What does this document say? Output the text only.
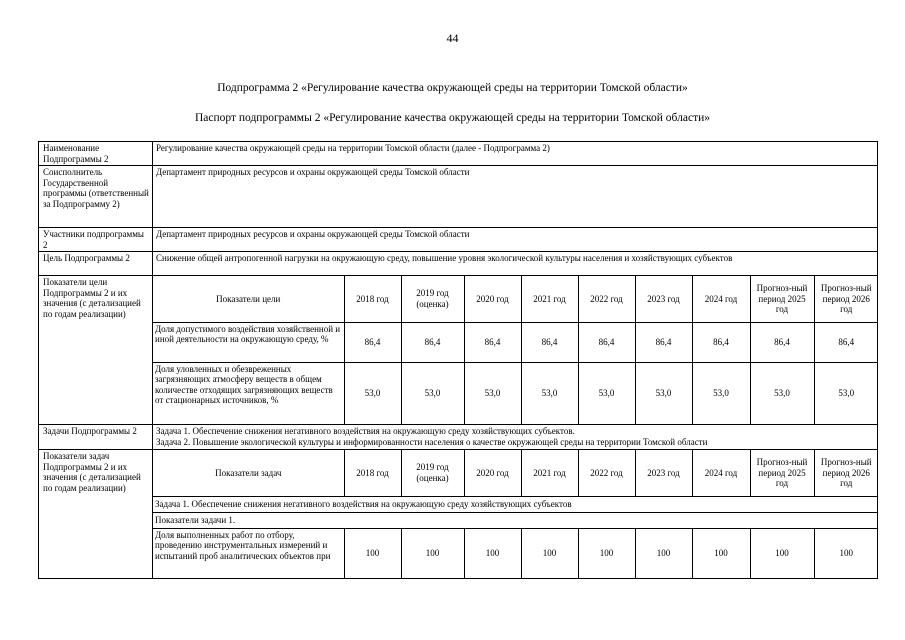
44
Подпрограмма 2 «Регулирование качества окружающей среды на территории Томской области»
Паспорт подпрограммы 2 «Регулирование качества окружающей среды на территории Томской области»
Наименование Подпрограммы 2	Регулирование качества окружающей среды на территории Томской области (далее - Подпрограмма 2)
Соисполнитель Государственной программы (ответственный за Подпрограмму 2)	Департамент природных ресурсов и охраны окружающей среды Томской области
Участники подпрограммы 2	Департамент природных ресурсов и охраны окружающей среды Томской области
Цель Подпрограммы 2	Снижение общей антропогенной нагрузки на окружающую среду, повышение уровня экологической культуры населения и хозяйствующих субъектов
Показатели цели Подпрограммы 2 и их значения (с детализацией по годам реализации)	
Показатели цели	2018 год	2019 год (оценка)	2020 год	2021 год	2022 год	2023 год	2024 год	Прогноз-ный период 2025 год	Прогноз-ный период 2026 год
Доля допустимого воздействия хозяйственной и иной деятельности на окружающую среду, %	86,4	86,4	86,4	86,4	86,4	86,4	86,4	86,4	86,4
Доля уловленных и обезвреженных загрязняющих атмосферу веществ в общем количестве отходящих загрязняющих веществ от стационарных источников, %	53,0	53,0	53,0	53,0	53,0	53,0	53,0	53,0	53,0

Задачи Подпрограммы 2	Задача 1. Обеспечение снижения негативного воздействия на окружающую среду хозяйствующих субъектов.
Задача 2. Повышение экологической культуры и информированности населения о качестве окружающей среды на территории Томской области

Показатели задач Подпрограммы 2 и их значения (с детализацией по годам реализации)	
Показатели задач	2018 год	2019 год (оценка)	2020 год	2021 год	2022 год	2023 год	2024 год	Прогноз-ный период 2025 год	Прогноз-ный период 2026 год
Задача 1. Обеспечение снижения негативного воздействия на окружающую среду хозяйствующих субъектов
Показатели задачи 1.
Доля выполненных работ по отбору, проведению инструментальных измерений и испытаний проб аналитических объектов при	100	100	100	100	100	100	100	100	100
